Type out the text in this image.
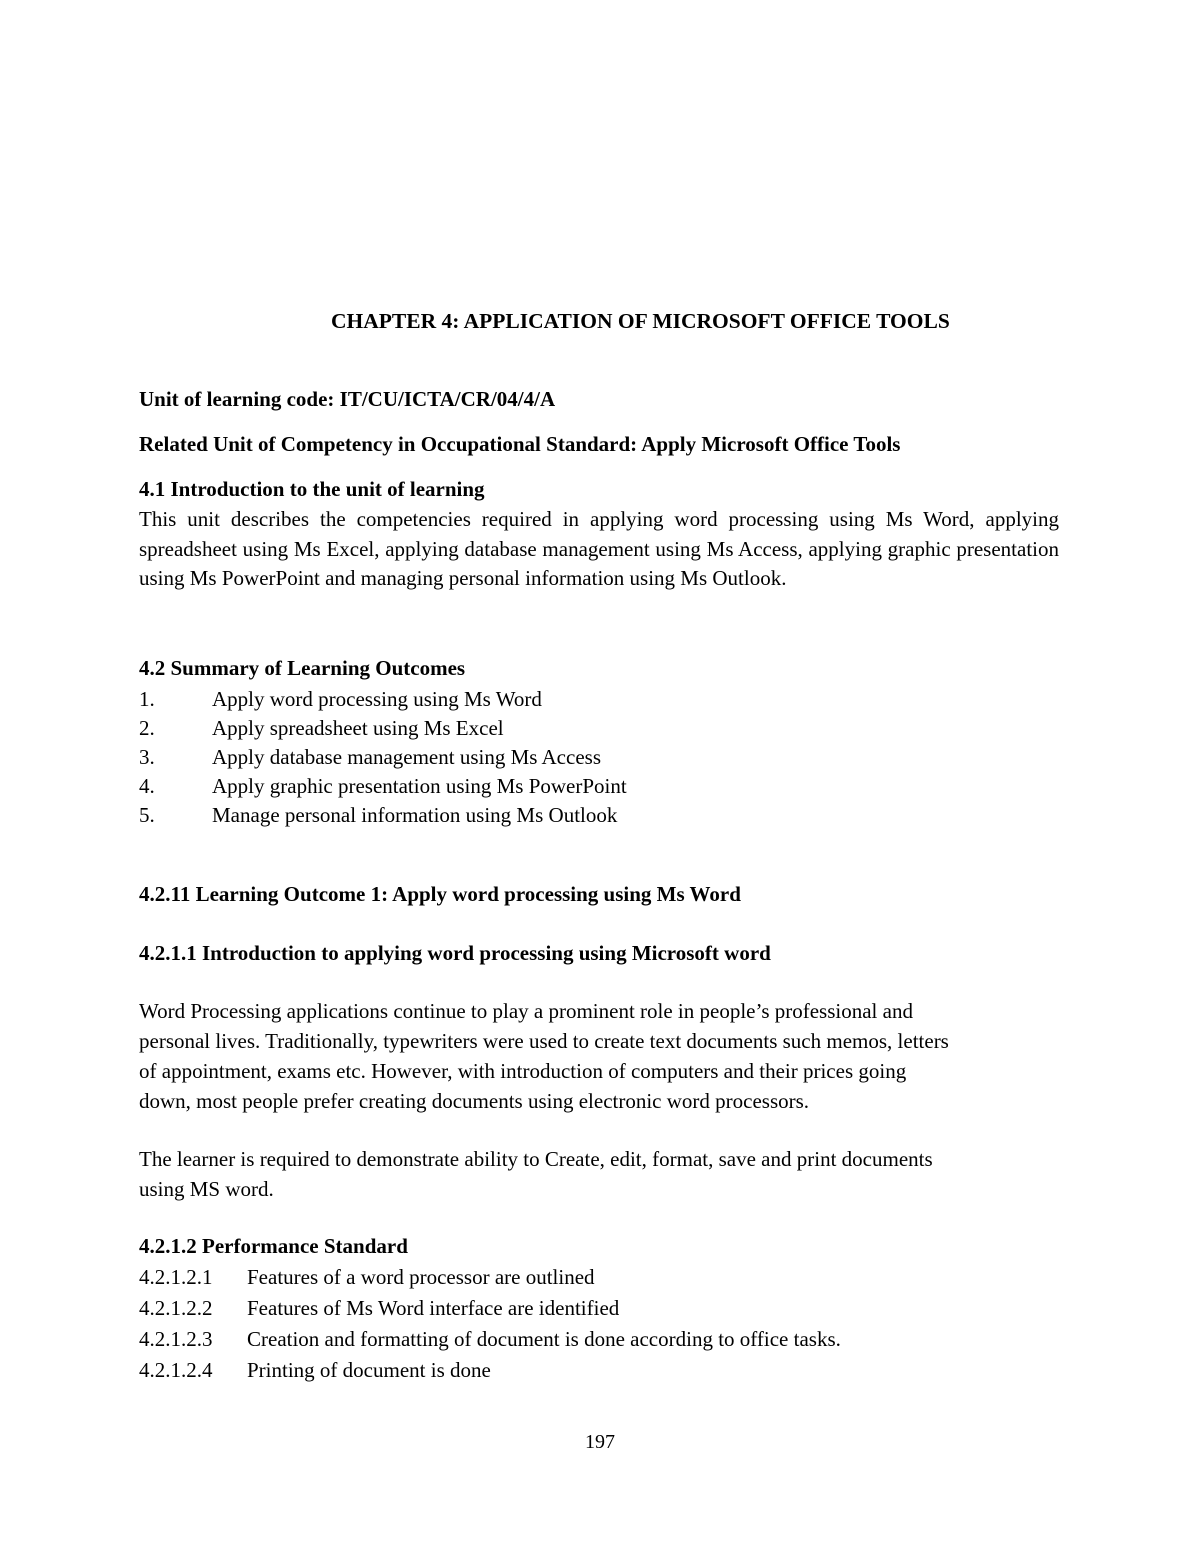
CHAPTER 4: APPLICATION OF MICROSOFT OFFICE TOOLS
Unit of learning code: IT/CU/ICTA/CR/04/4/A
Related Unit of Competency in Occupational Standard: Apply Microsoft Office Tools
4.1 Introduction to the unit of learning
This unit describes the competencies required in applying word processing using Ms Word, applying spreadsheet using Ms Excel, applying database management using Ms Access, applying graphic presentation using Ms PowerPoint and managing personal information using Ms Outlook.
4.2 Summary of Learning Outcomes
1.	Apply word processing using Ms Word
2.	Apply spreadsheet using Ms Excel
3.	Apply database management using Ms Access
4.	Apply graphic presentation using Ms PowerPoint
5.	Manage personal information using Ms Outlook
4.2.11 Learning Outcome 1: Apply word processing using Ms Word
4.2.1.1 Introduction to applying word processing using Microsoft word
Word Processing applications continue to play a prominent role in people’s professional and
personal lives. Traditionally, typewriters were used to create text documents such memos, letters
of appointment, exams etc. However, with introduction of computers and their prices going
down, most people prefer creating documents using electronic word processors.
The learner is required to demonstrate ability to Create, edit, format, save and print documents
using MS word.
4.2.1.2 Performance Standard
4.2.1.2.1 Features of a word processor are outlined
4.2.1.2.2 Features of Ms Word interface are identified
4.2.1.2.3 Creation and formatting of document is done according to office tasks.
4.2.1.2.4 Printing of document is done
197
